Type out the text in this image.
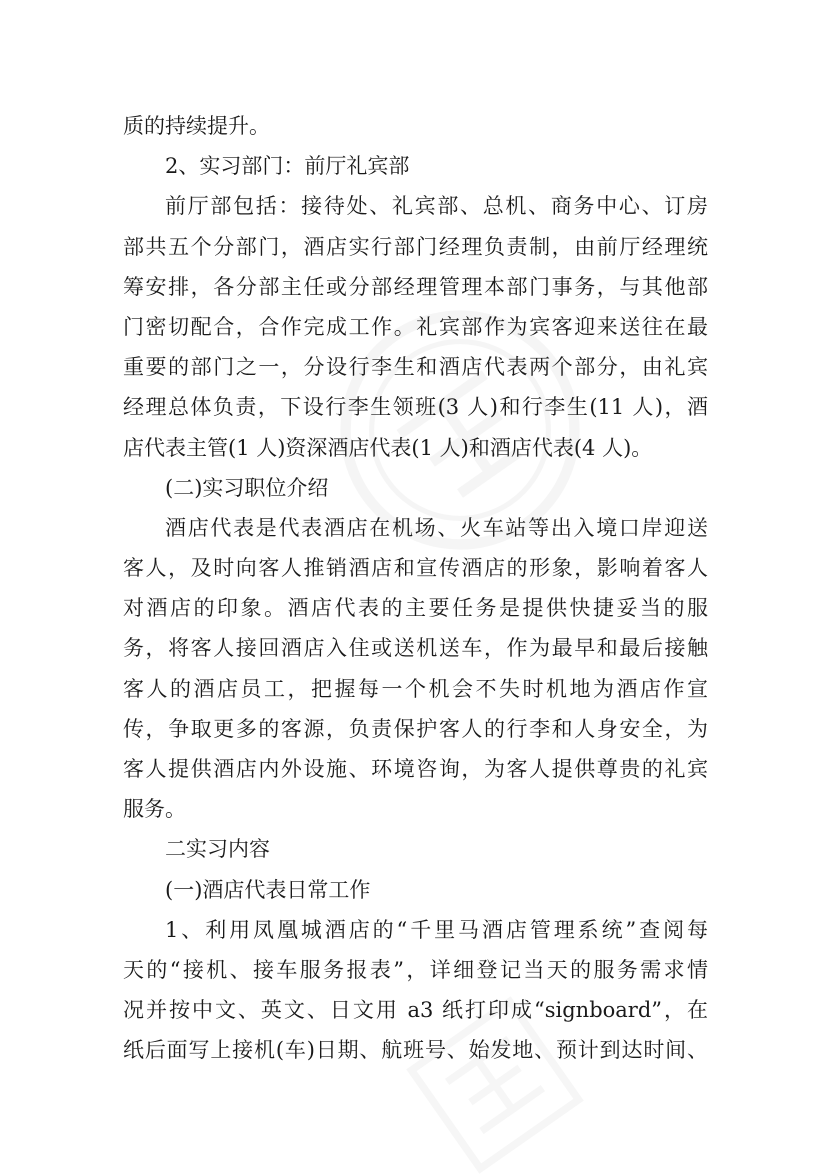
质的持续提升。
2、实习部门：前厅礼宾部
前厅部包括：接待处、礼宾部、总机、商务中心、订房
部共五个分部门，酒店实行部门经理负责制，由前厅经理统
筹安排，各分部主任或分部经理管理本部门事务，与其他部
门密切配合，合作完成工作。礼宾部作为宾客迎来送往在最
重要的部门之一，分设行李生和酒店代表两个部分，由礼宾
经理总体负责，下设行李生领班(3 人)和行李生(11 人)，酒
店代表主管(1 人)资深酒店代表(1 人)和酒店代表(4 人)。
(二)实习职位介绍
酒店代表是代表酒店在机场、火车站等出入境口岸迎送
客人，及时向客人推销酒店和宣传酒店的形象，影响着客人
对酒店的印象。酒店代表的主要任务是提供快捷妥当的服
务，将客人接回酒店入住或送机送车，作为最早和最后接触
客人的酒店员工，把握每一个机会不失时机地为酒店作宣
传，争取更多的客源，负责保护客人的行李和人身安全，为
客人提供酒店内外设施、环境咨询，为客人提供尊贵的礼宾
服务。
二实习内容
(一)酒店代表日常工作
1、利用凤凰城酒店的“千里马酒店管理系统”查阅每
天的“接机、接车服务报表”，详细登记当天的服务需求情
况并按中文、英文、日文用 a3 纸打印成“signboard”，在
纸后面写上接机(车)日期、航班号、始发地、预计到达时间、
